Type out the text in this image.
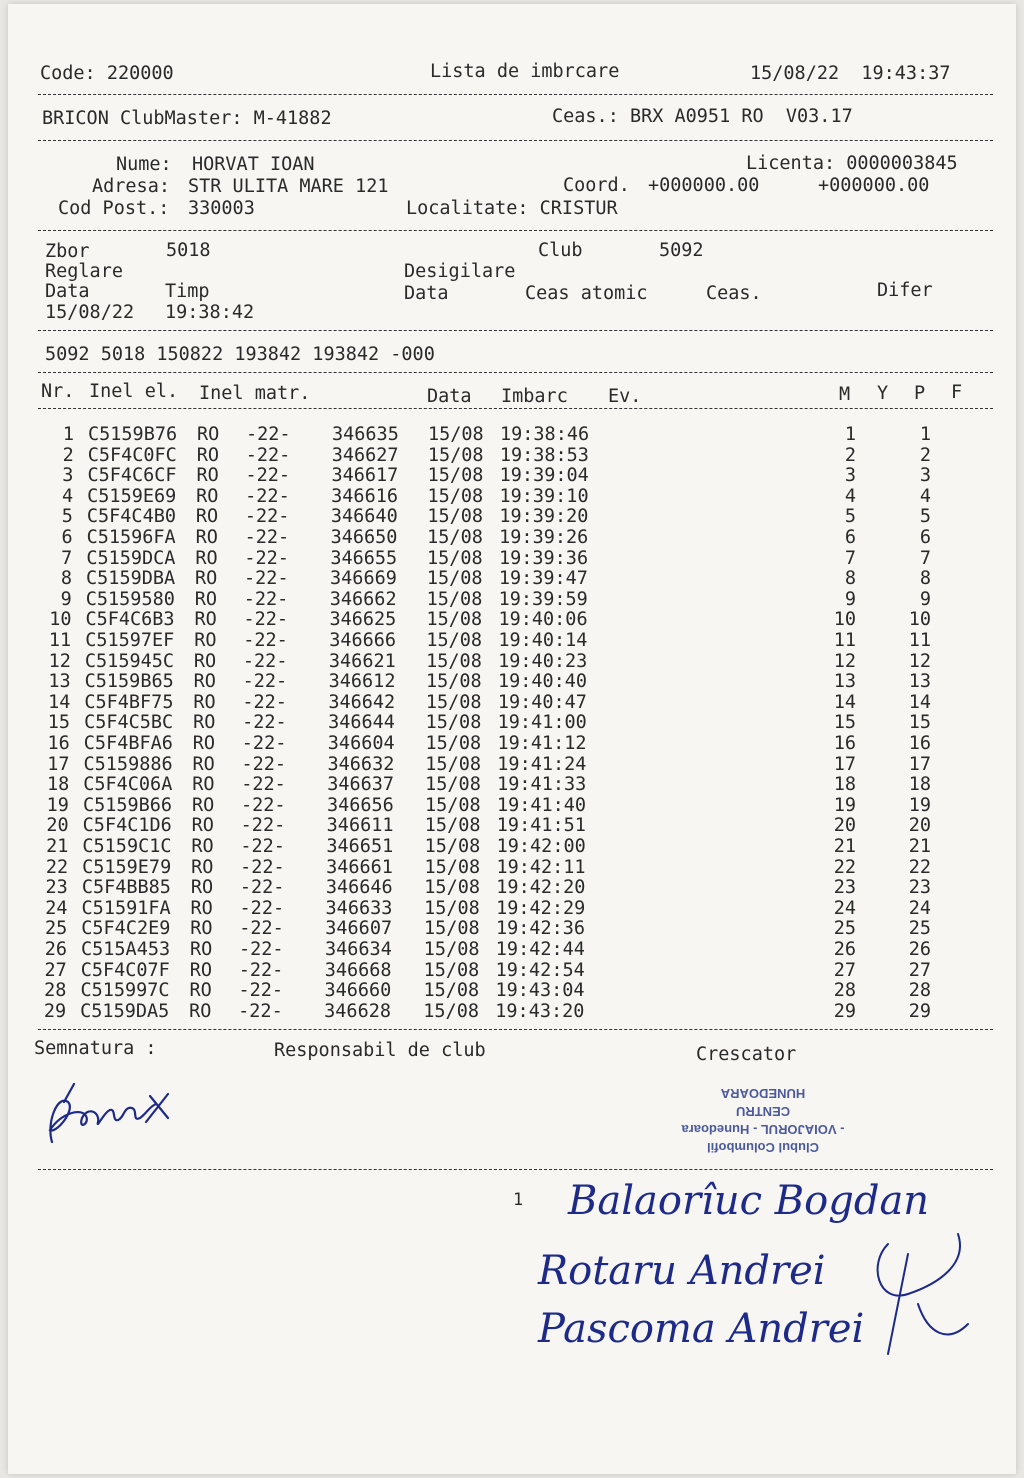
Code: 220000	Lista de imbrcare	15/08/22  19:43:37
BRICON ClubMaster: M-41882	Ceas.: BRX A0951 RO  V03.17
Nume: HORVAT IOAN	Licenta: 0000003845
Adresa: STR ULITA MARE 121	Coord. +000000.00	+000000.00
Cod Post.: 330003	Localitate: CRISTUR
Zbor	5018	Club	5092
Reglare	Desigilare
Data	Timp	Data	Ceas atomic	Ceas.	Difer
15/08/22 19:38:42
5092 5018 150822 193842 193842 -000
Nr. Inel el. Inel matr.	Data Imbarc Ev.	M Y P F
1 C5159B76 RO -22- 346635 15/08 19:38:46	1	1
2 C5F4C0FC RO -22- 346627 15/08 19:38:53	2	2
3 C5F4C6CF RO -22- 346617 15/08 19:39:04	3	3
4 C5159E69 RO -22- 346616 15/08 19:39:10	4	4
5 C5F4C4B0 RO -22- 346640 15/08 19:39:20	5	5
6 C51596FA RO -22- 346650 15/08 19:39:26	6	6
7 C5159DCA RO -22- 346655 15/08 19:39:36	7	7
8 C5159DBA RO -22- 346669 15/08 19:39:47	8	8
9 C5159580 RO -22- 346662 15/08 19:39:59	9	9
10 C5F4C6B3 RO -22- 346625 15/08 19:40:06	10	10
11 C51597EF RO -22- 346666 15/08 19:40:14	11	11
12 C515945C RO -22- 346621 15/08 19:40:23	12	12
13 C5159B65 RO -22- 346612 15/08 19:40:40	13	13
14 C5F4BF75 RO -22- 346642 15/08 19:40:47	14	14
15 C5F4C5BC RO -22- 346644 15/08 19:41:00	15	15
16 C5F4BFA6 RO -22- 346604 15/08 19:41:12	16	16
17 C5159886 RO -22- 346632 15/08 19:41:24	17	17
18 C5F4C06A RO -22- 346637 15/08 19:41:33	18	18
19 C5159B66 RO -22- 346656 15/08 19:41:40	19	19
20 C5F4C1D6 RO -22- 346611 15/08 19:41:51	20	20
21 C5159C1C RO -22- 346651 15/08 19:42:00	21	21
22 C5159E79 RO -22- 346661 15/08 19:42:11	22	22
23 C5F4BB85 RO -22- 346646 15/08 19:42:20	23	23
24 C51591FA RO -22- 346633 15/08 19:42:29	24	24
25 C5F4C2E9 RO -22- 346607 15/08 19:42:36	25	25
26 C515A453 RO -22- 346634 15/08 19:42:44	26	26
27 C5F4C07F RO -22- 346668 15/08 19:42:54	27	27
28 C515997C RO -22- 346660 15/08 19:43:04	28	28
29 C5159DA5 RO -22- 346628 15/08 19:43:20	29	29
Semnatura :	Responsabil de club	Crescator
Clubul Columbofil
- VOIAJORUL - Hunedoara
CENTRU
HUNEDOARA
1 Balaorîuc Bogdan
Rotaru Andrei
Pascoma Andrei
